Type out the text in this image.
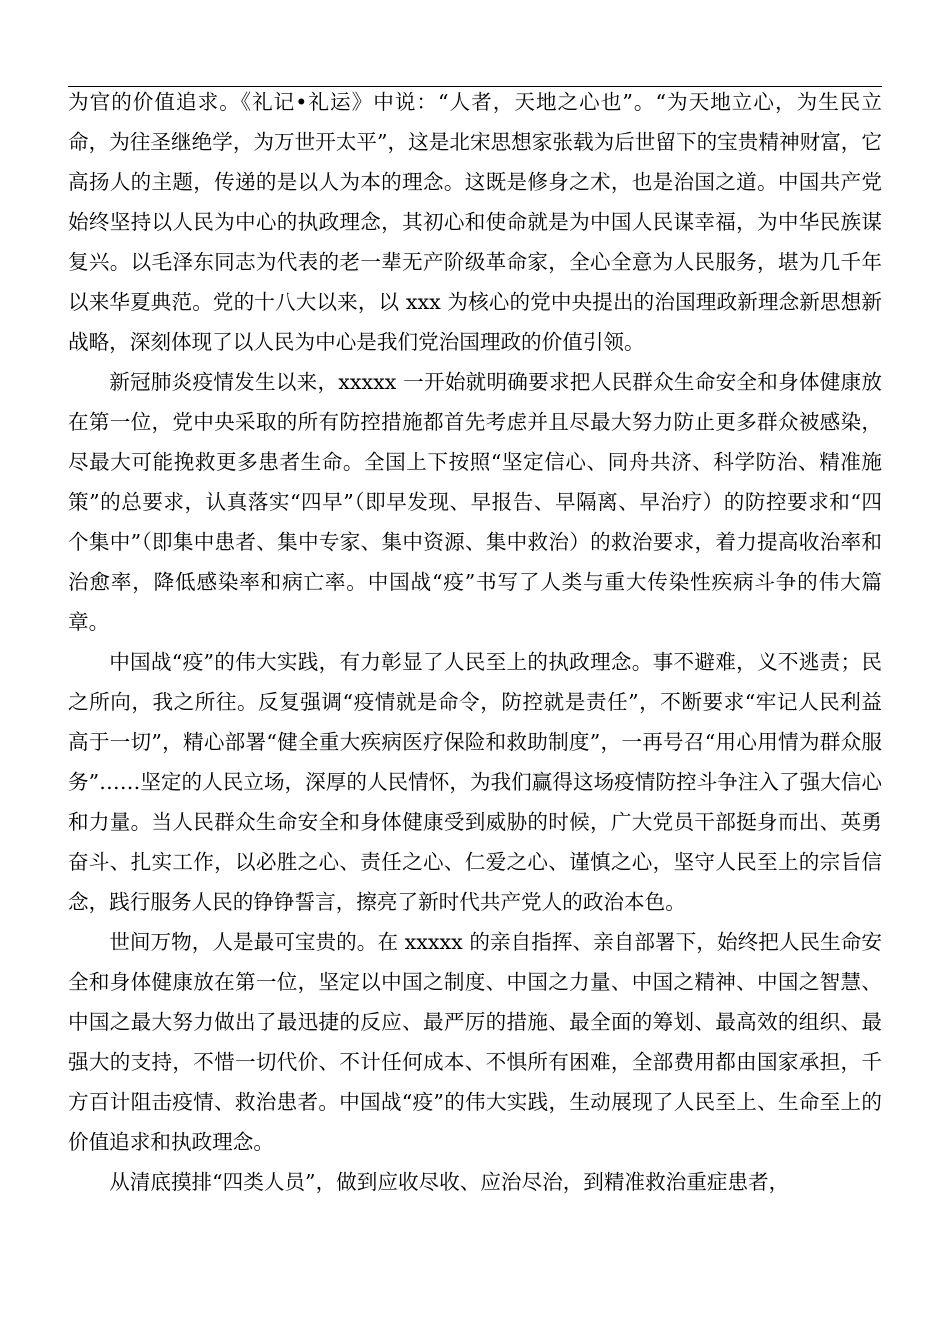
为官的价值追求。《礼记•礼运》中说：“人者，天地之心也”。“为天地立心，为生民立命，为往圣继绝学，为万世开太平”，这是北宋思想家张载为后世留下的宝贵精神财富，它高扬人的主题，传递的是以人为本的理念。这既是修身之术，也是治国之道。中国共产党始终坚持以人民为中心的执政理念，其初心和使命就是为中国人民谋幸福，为中华民族谋复兴。以毛泽东同志为代表的老一辈无产阶级革命家，全心全意为人民服务，堪为几千年以来华夏典范。党的十八大以来，以 xxx 为核心的党中央提出的治国理政新理念新思想新战略，深刻体现了以人民为中心是我们党治国理政的价值引领。

新冠肺炎疫情发生以来，xxxxx 一开始就明确要求把人民群众生命安全和身体健康放在第一位，党中央采取的所有防控措施都首先考虑并且尽最大努力防止更多群众被感染，尽最大可能挽救更多患者生命。全国上下按照“坚定信心、同舟共济、科学防治、精准施策”的总要求，认真落实“四早”（即早发现、早报告、早隔离、早治疗）的防控要求和“四个集中”（即集中患者、集中专家、集中资源、集中救治）的救治要求，着力提高收治率和治愈率，降低感染率和病亡率。中国战“疫”书写了人类与重大传染性疾病斗争的伟大篇章。

中国战“疫”的伟大实践，有力彰显了人民至上的执政理念。事不避难，义不逃责；民之所向，我之所往。反复强调“疫情就是命令，防控就是责任”，不断要求“牢记人民利益高于一切”，精心部署“健全重大疾病医疗保险和救助制度”，一再号召“用心用情为群众服务”……坚定的人民立场，深厚的人民情怀，为我们赢得这场疫情防控斗争注入了强大信心和力量。当人民群众生命安全和身体健康受到威胁的时候，广大党员干部挺身而出、英勇奋斗、扎实工作，以必胜之心、责任之心、仁爱之心、谨慎之心，坚守人民至上的宗旨信念，践行服务人民的铮铮誓言，擦亮了新时代共产党人的政治本色。

世间万物，人是最可宝贵的。在 xxxxx 的亲自指挥、亲自部署下，始终把人民生命安全和身体健康放在第一位，坚定以中国之制度、中国之力量、中国之精神、中国之智慧、中国之最大努力做出了最迅捷的反应、最严厉的措施、最全面的筹划、最高效的组织、最强大的支持，不惜一切代价、不计任何成本、不惧所有困难，全部费用都由国家承担，千方百计阻击疫情、救治患者。中国战“疫”的伟大实践，生动展现了人民至上、生命至上的价值追求和执政理念。

从清底摸排“四类人员”，做到应收尽收、应治尽治，到精准救治重症患者，
